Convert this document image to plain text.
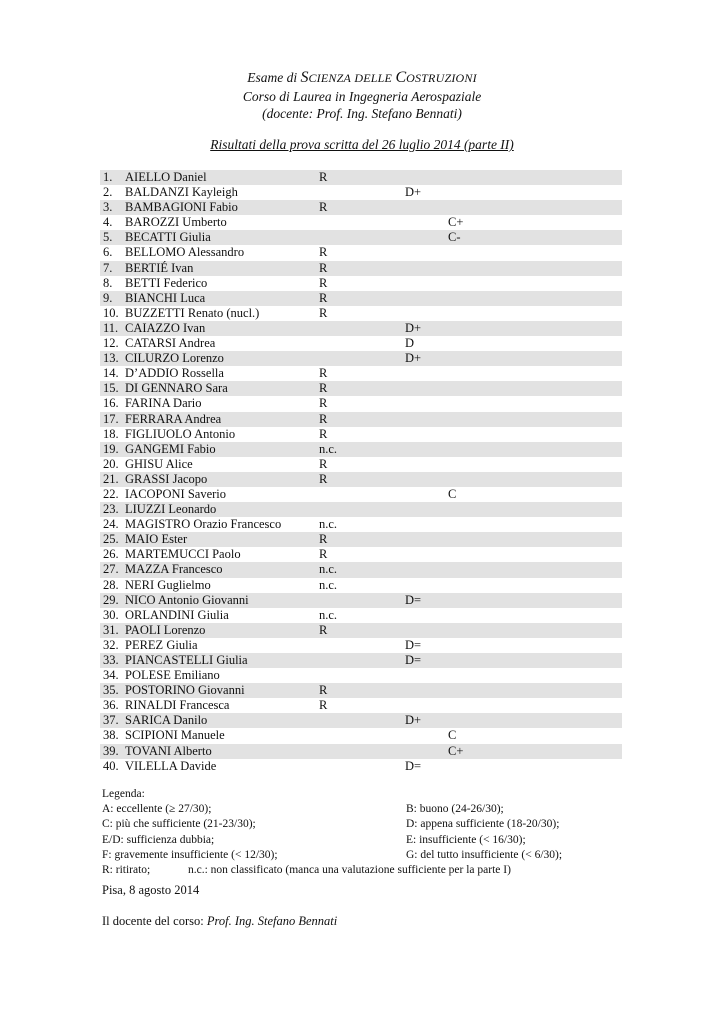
Esame di SCIENZA DELLE COSTRUZIONI
Corso di Laurea in Ingegneria Aerospaziale
(docente: Prof. Ing. Stefano Bennati)
Risultati della prova scritta del 26 luglio 2014 (parte II)
1. AIELLO Daniel	R
2. BALDANZI Kayleigh	D+
3. BAMBAGIONI Fabio	R
4. BAROZZI Umberto	C+
5. BECATTI Giulia	C-
6. BELLOMO Alessandro	R
7. BERTIÉ Ivan	R
8. BETTI Federico	R
9. BIANCHI Luca	R
10. BUZZETTI Renato (nucl.)	R
11. CAIAZZO Ivan	D+
12. CATARSI Andrea	D
13. CILURZO Lorenzo	D+
14. D’ADDIO Rossella	R
15. DI GENNARO Sara	R
16. FARINA Dario	R
17. FERRARA Andrea	R
18. FIGLIUOLO Antonio	R
19. GANGEMI Fabio	n.c.
20. GHISU Alice	R
21. GRASSI Jacopo	R
22. IACOPONI Saverio	C
23. LIUZZI Leonardo
24. MAGISTRO Orazio Francesco	n.c.
25. MAIO Ester	R
26. MARTEMUCCI Paolo	R
27. MAZZA Francesco	n.c.
28. NERI Guglielmo	n.c.
29. NICO Antonio Giovanni	D=
30. ORLANDINI Giulia	n.c.
31. PAOLI Lorenzo	R
32. PEREZ Giulia	D=
33. PIANCASTELLI Giulia	D=
34. POLESE Emiliano
35. POSTORINO Giovanni	R
36. RINALDI Francesca	R
37. SARICA Danilo	D+
38. SCIPIONI Manuele	C
39. TOVANI Alberto	C+
40. VILELLA Davide	D=
Legenda:
A: eccellente (≥ 27/30);	B: buono (24-26/30);
C: più che sufficiente (21-23/30);	D: appena sufficiente (18-20/30);
E/D: sufficienza dubbia;	E: insufficiente (< 16/30);
F: gravemente insufficiente (< 12/30);	G: del tutto insufficiente (< 6/30);
R: ritirato;	n.c.: non classificato (manca una valutazione sufficiente per la parte I)
Pisa, 8 agosto 2014
Il docente del corso: Prof. Ing. Stefano Bennati
